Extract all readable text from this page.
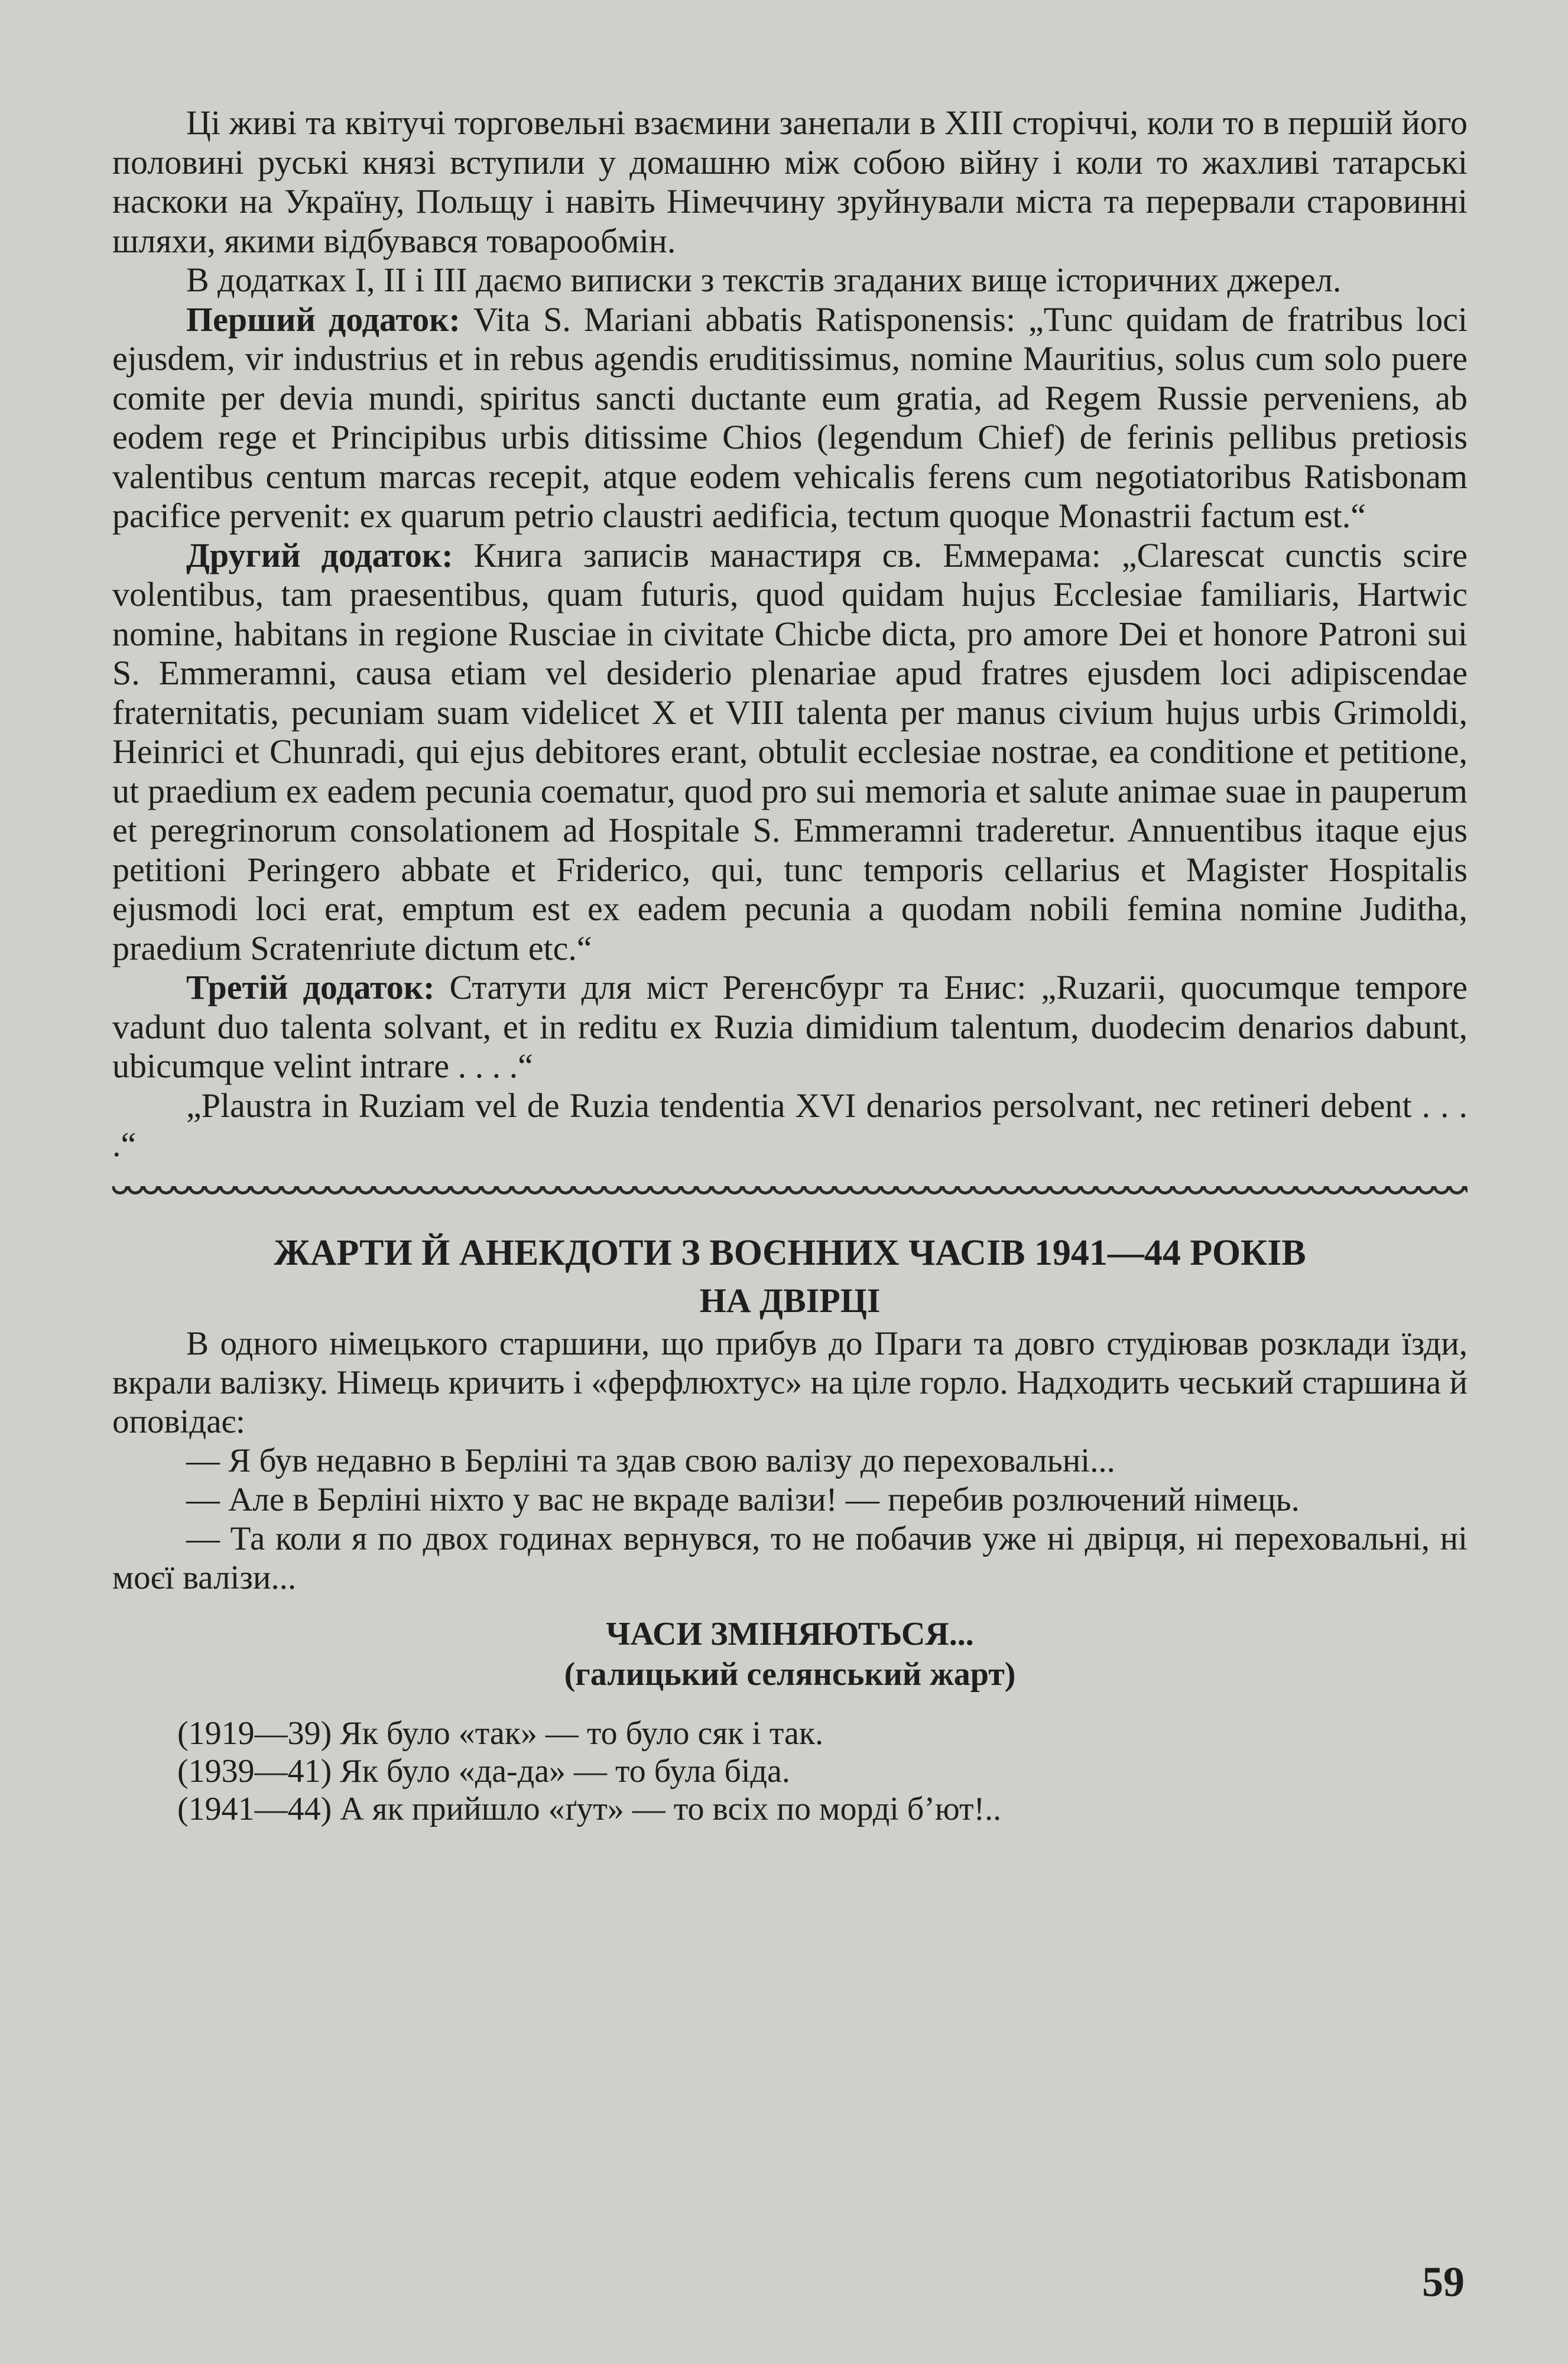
Ці живі та квітучі торговельні взаємини занепали в XIII сторіччі, коли то в першій його половині руські князі вступили у домашню між собою війну і коли то жахливі татарські наскоки на Україну, Польщу і навіть Німеччину зруйнували міста та перервали старовинні шляхи, якими відбувався товарообмін.

В додатках I, II і III даємо виписки з текстів згаданих вище історичних джерел.

Перший додаток: Vita S. Mariani abbatis Ratisponensis: „Tunc quidam de fratribus loci ejusdem, vir industrius et in rebus agendis eruditissimus, nomine Mauritius, solus cum solo puere comite per devia mundi, spiritus sancti ductante eum gratia, ad Regem Russie perveniens, ab eodem rege et Principibus urbis ditissime Chios (legendum Chief) de ferinis pellibus pretiosis valentibus centum marcas recepit, atque eodem vehicalis ferens cum negotiatoribus Ratisbonam pacifice pervenit: ex quarum petrio claustri aedificia, tectum quoque Monastrii factum est.“

Другий додаток: Книга записів манастиря св. Еммерама: „Clarescat cunctis scire volentibus, tam praesentibus, quam futuris, quod quidam hujus Ecclesiae familiaris, Hartwic nomine, habitans in regione Rusciae in civitate Chicbe dicta, pro amore Dei et honore Patroni sui S. Emmeramni, causa etiam vel desiderio plenariae apud fratres ejusdem loci adipiscendae fraternitatis, pecuniam suam videlicet X et VIII talenta per manus civium hujus urbis Grimoldi, Heinrici et Chunradi, qui ejus debitores erant, obtulit ecclesiae nostrae, ea conditione et petitione, ut praedium ex eadem pecunia coematur, quod pro sui memoria et salute animae suae in pauperum et peregrinorum consolationem ad Hospitale S. Emmeramni traderetur. Annuentibus itaque ejus petitioni Peringero abbate et Friderico, qui, tunc temporis cellarius et Magister Hospitalis ejusmodi loci erat, emptum est ex eadem pecunia a quodam nobili femina nomine Juditha, praedium Scratenriute dictum etc.“

Третій додаток: Статути для міст Регенсбург та Енис: „Ruzarii, quocumque tempore vadunt duo talenta solvant, et in reditu ex Ruzia dimidium talentum, duodecim denarios dabunt, ubicumque velint intrare . . . .“

„Plaustra in Ruziam vel de Ruzia tendentia XVI denarios persolvant, nec retineri debent . . . .“

ЖАРТИ Й АНЕКДОТИ З ВОЄННИХ ЧАСІВ 1941—44 РОКІВ

НА ДВІРЦІ

В одного німецького старшини, що прибув до Праги та довго студіював розклади їзди, вкрали валізку. Німець кричить і «ферфлюхтус» на ціле горло. Надходить чеський старшина й оповідає:

— Я був недавно в Берліні та здав свою валізу до переховальні...

— Але в Берліні ніхто у вас не вкраде валізи! — перебив розлючений німець.

— Та коли я по двох годинах вернувся, то не побачив уже ні двірця, ні переховальні, ні моєї валізи...

ЧАСИ ЗМІНЯЮТЬСЯ...

(галицький селянський жарт)

(1919—39) Як було «так» — то було сяк і так.

(1939—41) Як було «да-да» — то була біда.

(1941—44) А як прийшло «ґут» — то всіх по морді б’ют!..

59
